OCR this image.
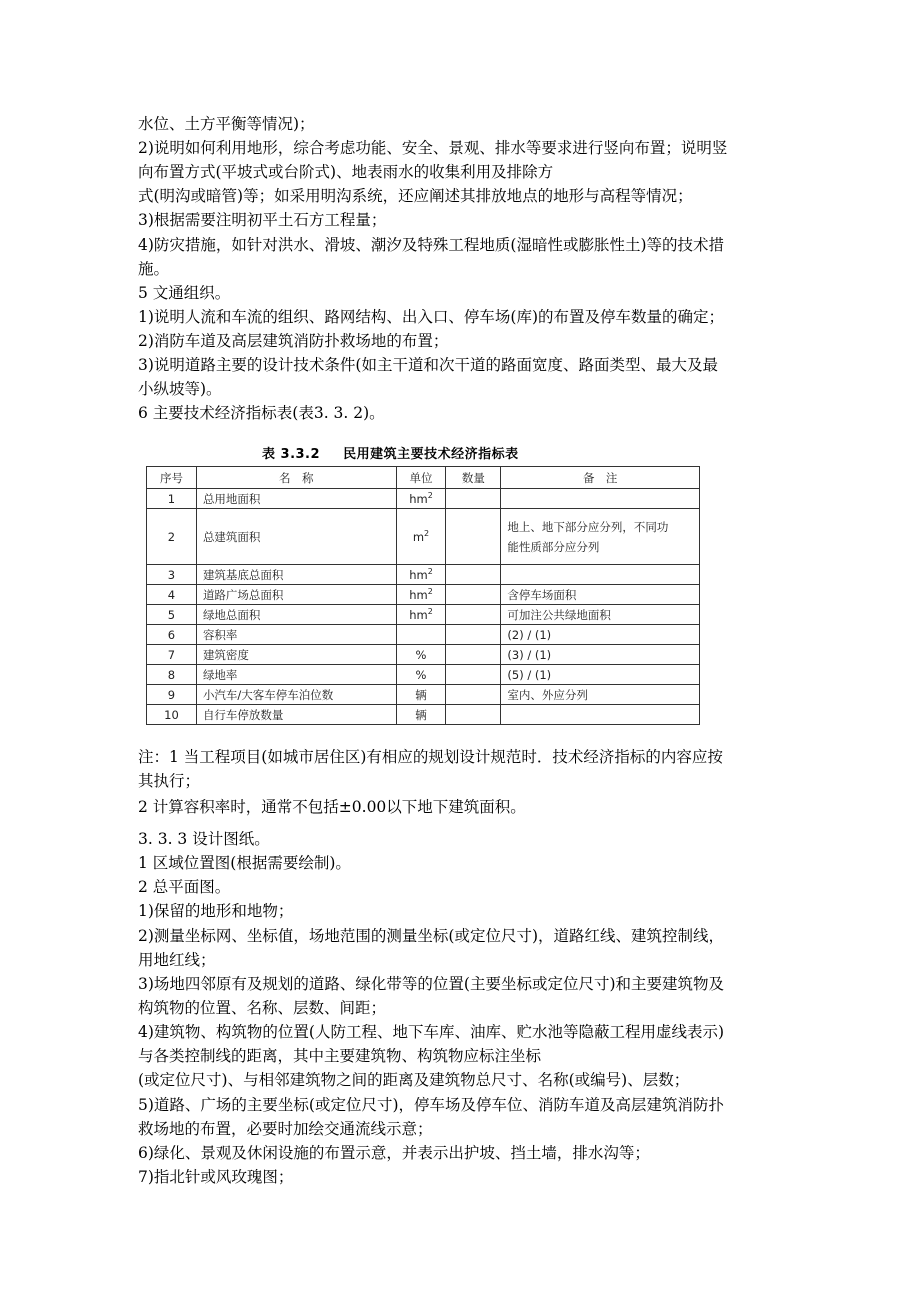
水位、土方平衡等情况)；
2)说明如何利用地形，综合考虑功能、安全、景观、排水等要求进行竖向布置；说明竖
向布置方式(平坡式或台阶式)、地表雨水的收集利用及排除方
式(明沟或暗管)等；如采用明沟系统，还应阐述其排放地点的地形与高程等情况；
3)根据需要注明初平土石方工程量；
4)防灾措施，如针对洪水、滑坡、潮汐及特殊工程地质(湿暗性或膨胀性土)等的技术措
施。
5 文通组织。
1)说明人流和车流的组织、路网结构、出入口、停车场(库)的布置及停车数量的确定；
2)消防车道及高层建筑消防扑救场地的布置；
3)说明道路主要的设计技术条件(如主干道和次干道的路面宽度、路面类型、最大及最
小纵坡等)。
6 主要技术经济指标表(表3. 3. 2)。
表 3.3.2 民用建筑主要技术经济指标表
序号	名　称	单位	数量	备　注
1	总用地面积	$hm^2$		
2	总建筑面积	$m^2$		地上、地下部分应分列，不同功
能性质部分应分列

3	建筑基底总面积	$hm^2$		
4	道路广场总面积	$hm^2$		含停车场面积
5	绿地总面积	$hm^2$		可加注公共绿地面积
6	容积率			(2) / (1)
7	建筑密度	%		(3) / (1)
8	绿地率	%		(5) / (1)
9	小汽车/大客车停车泊位数	辆		室内、外应分列
10	自行车停放数量	辆		
注：1 当工程项目(如城市居住区)有相应的规划设计规范时．技术经济指标的内容应按
其执行；
2 计算容积率时，通常不包括±0.00以下地下建筑面积。
3. 3. 3 设计图纸。
1 区域位置图(根据需要绘制)。
2 总平面图。
1)保留的地形和地物；
2)测量坐标网、坐标值，场地范围的测量坐标(或定位尺寸)，道路红线、建筑控制线，
用地红线；
3)场地四邻原有及规划的道路、绿化带等的位置(主要坐标或定位尺寸)和主要建筑物及
构筑物的位置、名称、层数、间距；
4)建筑物、构筑物的位置(人防工程、地下车库、油库、贮水池等隐蔽工程用虚线表示)
与各类控制线的距离，其中主要建筑物、构筑物应标注坐标
(或定位尺寸)、与相邻建筑物之间的距离及建筑物总尺寸、名称(或编号)、层数；
5)道路、广场的主要坐标(或定位尺寸)，停车场及停车位、消防车道及高层建筑消防扑
救场地的布置，必要时加绘交通流线示意；
6)绿化、景观及休闲设施的布置示意，并表示出护坡、挡土墙，排水沟等；
7)指北针或风玫瑰图；
